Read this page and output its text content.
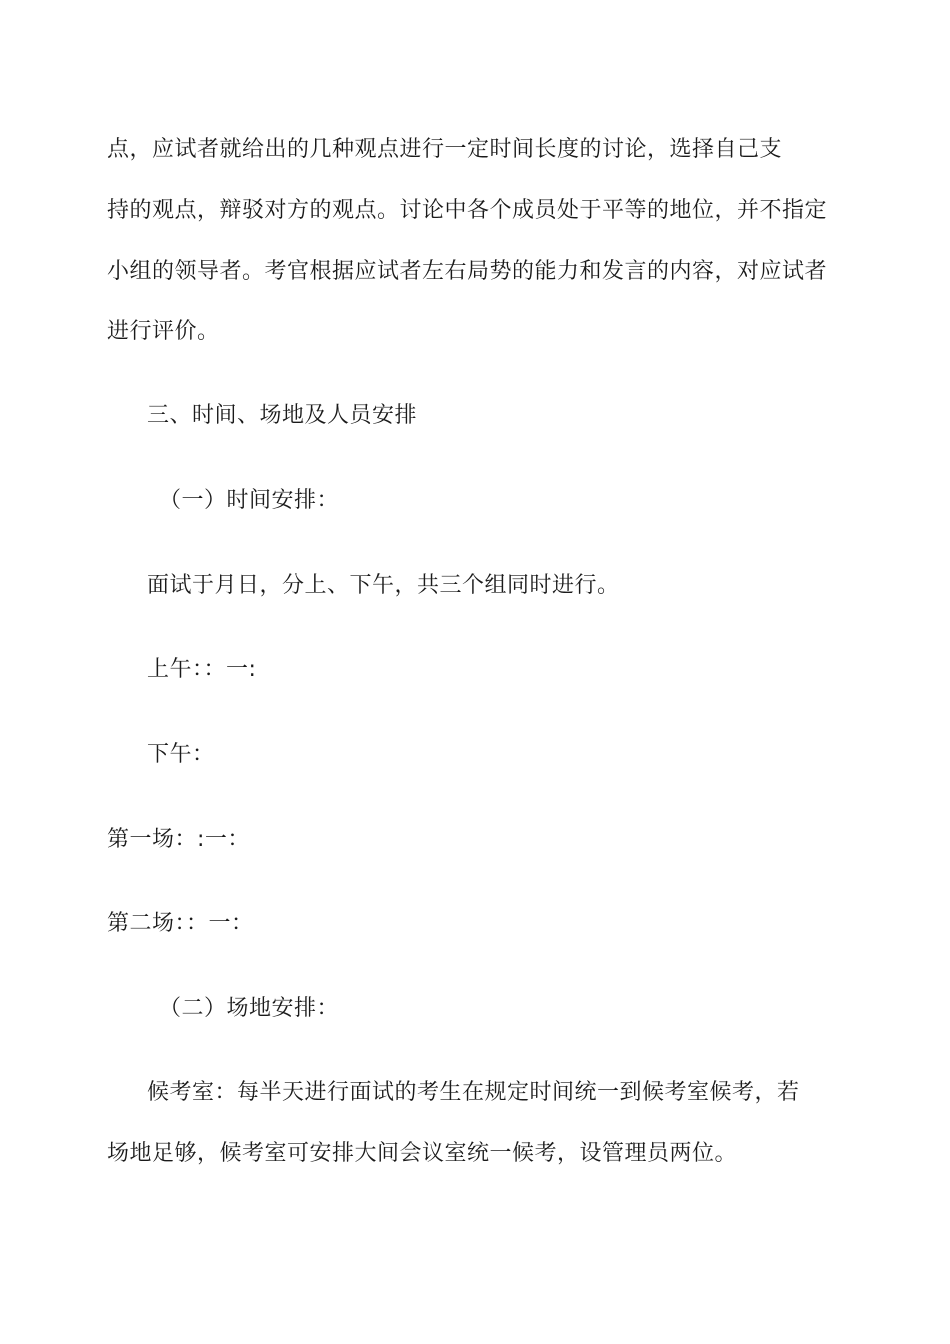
点，应试者就给出的几种观点进行一定时间长度的讨论，选择自己支
持的观点，辩驳对方的观点。讨论中各个成员处于平等的地位，并不指定
小组的领导者。考官根据应试者左右局势的能力和发言的内容，对应试者
进行评价。
三、时间、场地及人员安排
（一）时间安排：
面试于月日，分上、下午，共三个组同时进行。
上午：：一:
下午：
第一场：:一：
第二场：：一：
（二）场地安排：
候考室：每半天进行面试的考生在规定时间统一到候考室候考，若
场地足够，候考室可安排大间会议室统一候考，设管理员两位。
